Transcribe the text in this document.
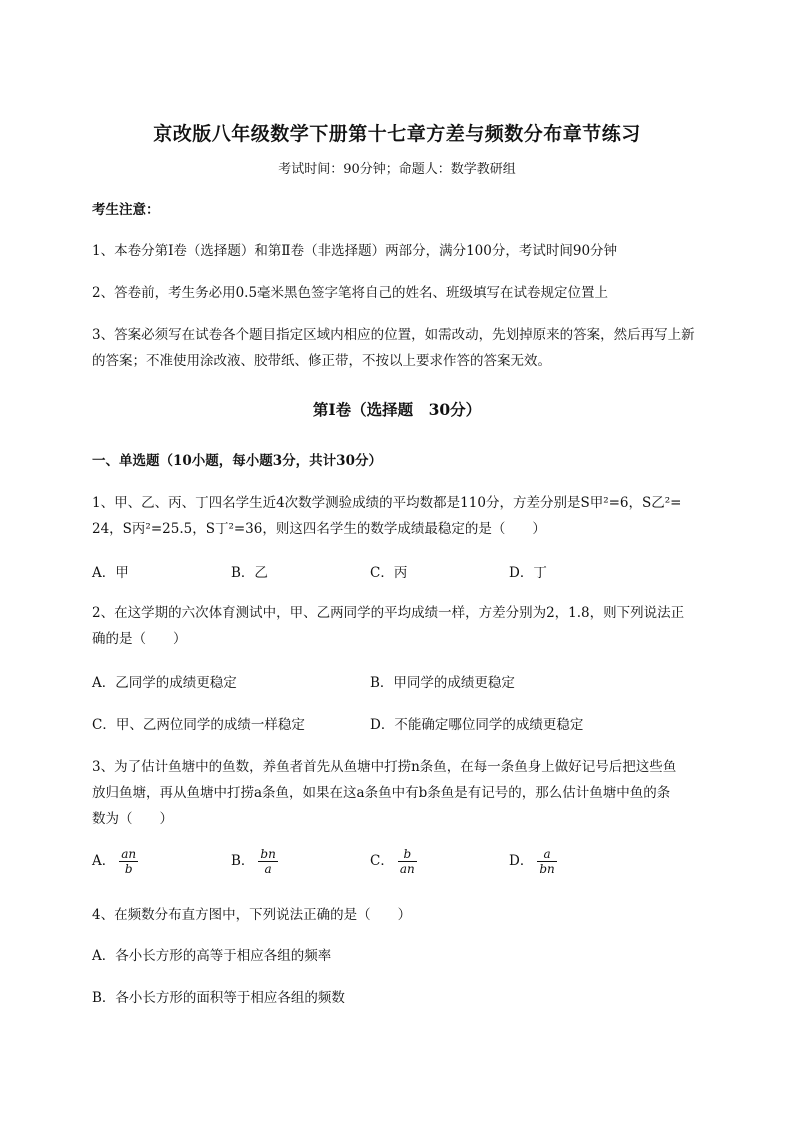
京改版八年级数学下册第十七章方差与频数分布章节练习
考试时间：90分钟；命题人：数学教研组
考生注意：
1、本卷分第I卷（选择题）和第Ⅱ卷（非选择题）两部分，满分100分，考试时间90分钟
2、答卷前，考生务必用0.5毫米黑色签字笔将自己的姓名、班级填写在试卷规定位置上
3、答案必须写在试卷各个题目指定区域内相应的位置，如需改动，先划掉原来的答案，然后再写上新
的答案；不准使用涂改液、胶带纸、修正带，不按以上要求作答的答案无效。
第I卷（选择题　30分）
一、单选题（10小题，每小题3分，共计30分）
1、甲、乙、丙、丁四名学生近4次数学测验成绩的平均数都是110分，方差分别是S甲²=6，S乙²=
24，S丙²=25.5，S丁²=36，则这四名学生的数学成绩最稳定的是（　　）
A．甲	B．乙	C．丙	D．丁
2、在这学期的六次体育测试中，甲、乙两同学的平均成绩一样，方差分别为2，1.8，则下列说法正
确的是（　　）
A．乙同学的成绩更稳定	B．甲同学的成绩更稳定
C．甲、乙两位同学的成绩一样稳定	D．不能确定哪位同学的成绩更稳定
3、为了估计鱼塘中的鱼数，养鱼者首先从鱼塘中打捞n条鱼，在每一条鱼身上做好记号后把这些鱼
放归鱼塘，再从鱼塘中打捞a条鱼，如果在这a条鱼中有b条鱼是有记号的，那么估计鱼塘中鱼的条
数为（　　）
A． $\frac{an}{b}$	B． $\frac{bn}{a}$	C． $\frac{b}{an}$	D． $\frac{a}{bn}$
4、在频数分布直方图中，下列说法正确的是（　　）
A．各小长方形的高等于相应各组的频率
B．各小长方形的面积等于相应各组的频数
